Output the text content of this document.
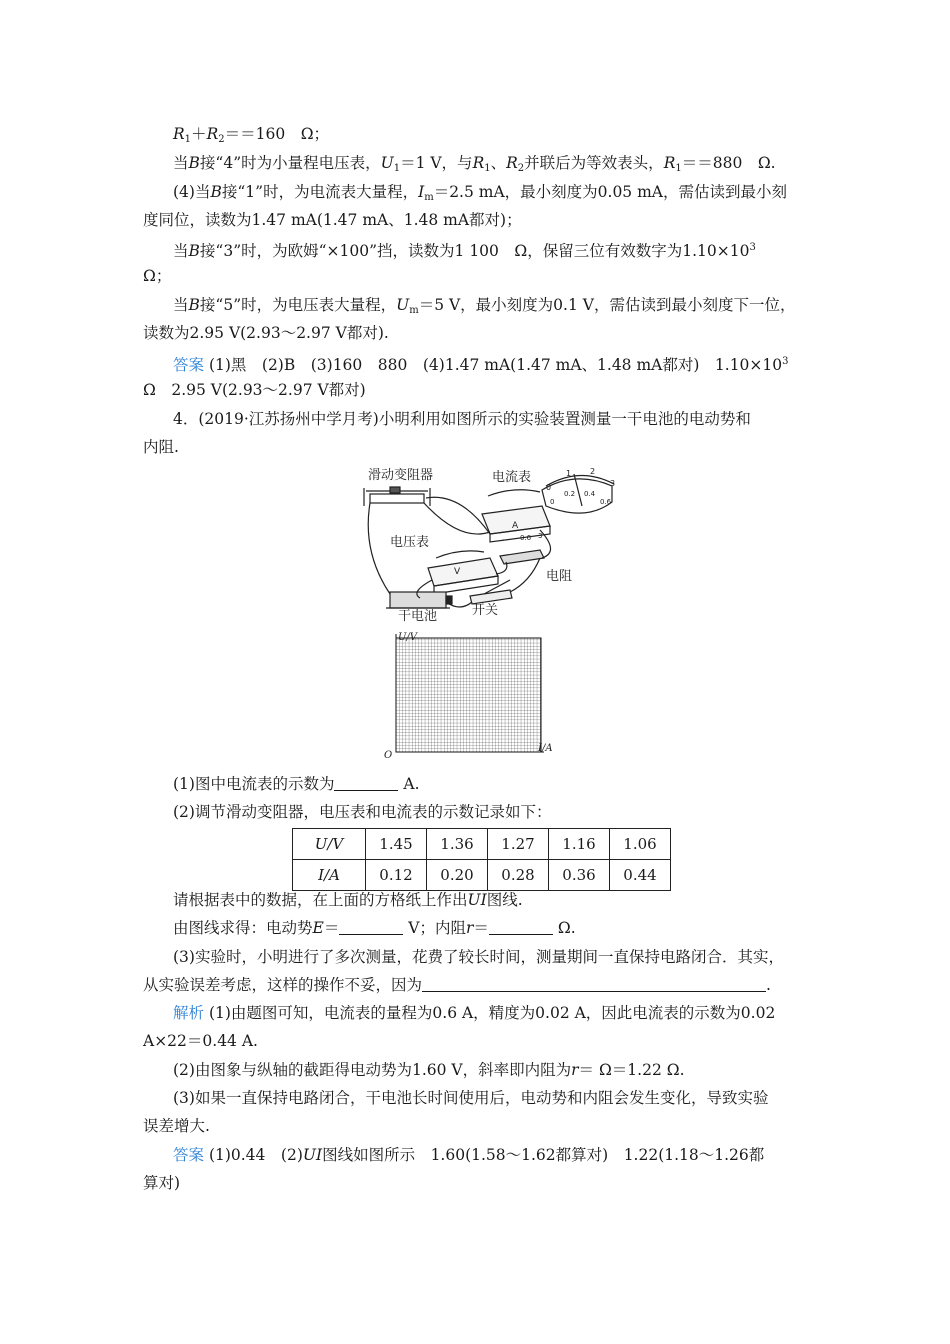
$R_1+R_2==160$　Ω；
当B接“4”时为小量程电压表，$U_1=1$ V，与$R_1$、$R_2$并联后为等效表头，$R_1==880$　Ω.
(4)当B接“1”时，为电流表大量程，$I_m=2.5$ mA，最小刻度为0.05 mA，需估读到最小刻
度同位，读数为1.47 mA(1.47 mA、1.48 mA都对)；
当B接“3”时，为欧姆“×100”挡，读数为1 100　Ω，保留三位有效数字为$1.10\times 10^3$
Ω；
当B接“5”时，为电压表大量程，$U_m=5$ V，最小刻度为0.1 V，需估读到最小刻度下一位，
读数为2.95 V(2.93～2.97 V都对).
答案 (1)黑　(2)B　(3)160　880　(4)1.47 mA(1.47 mA、1.48 mA都对)　$1.10\times 10^3$
Ω　2.95 V(2.93～2.97 V都对)
4．(2019·江苏扬州中学月考)小明利用如图所示的实验装置测量一干电池的电动势和
内阻.
滑动变阻器	电流表
电压表
电阻
干电池	开关
A
V
- 0.6 3
0
1 2
3
0
0.2 0.4
0.6
U/V
I/A
O
(1)图中电流表的示数为	A.
(2)调节滑动变阻器，电压表和电流表的示数记录如下：
U/V	1.45	1.36	1.27	1.16	1.06
I/A	0.12	0.20	0.28	0.36	0.44
请根据表中的数据，在上面的方格纸上作出UI图线.
由图线求得：电动势E＝	V；内阻r＝	Ω.
(3)实验时，小明进行了多次测量，花费了较长时间，测量期间一直保持电路闭合．其实，
从实验误差考虑，这样的操作不妥，因为	.
解析 (1)由题图可知，电流表的量程为0.6 A，精度为0.02 A，因此电流表的示数为0.02
A×22＝0.44 A.
(2)由图象与纵轴的截距得电动势为1.60 V，斜率即内阻为r＝ Ω＝1.22 Ω.
(3)如果一直保持电路闭合，干电池长时间使用后，电动势和内阻会发生变化，导致实验
误差增大.
答案 (1)0.44　(2)UI图线如图所示　1.60(1.58～1.62都算对)　1.22(1.18～1.26都
算对)
